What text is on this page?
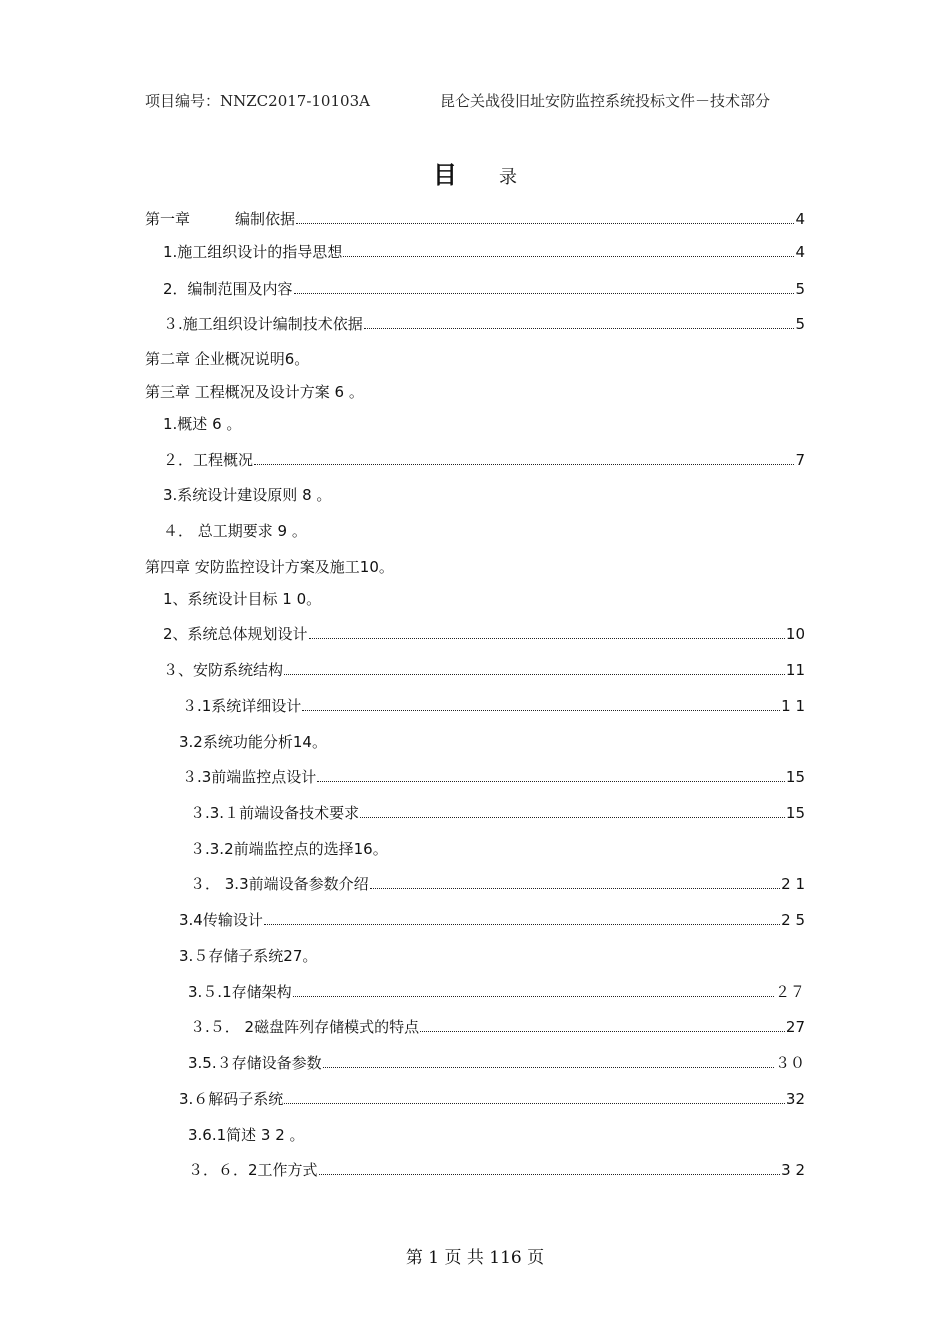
项目编号：NNZC2017-10103A	昆仑关战役旧址安防监控系统投标文件－技术部分
目 录
第一章　　　编制依据	4
1.施工组织设计的指导思想	4
2．编制范围及内容	5
３.施工组织设计编制技术依据	5
第二章 企业概况说明6。
第三章 工程概况及设计方案 6 。
1.概述 6 。
２．工程概况	7
3.系统设计建设原则 8 。
４． 总工期要求 9 。
第四章 安防监控设计方案及施工10。
1、系统设计目标 1 0。
2、系统总体规划设计	10
３、安防系统结构	11
３.1系统详细设计	1 1
3.2系统功能分析14。
３.3前端监控点设计	15
３.3.１前端设备技术要求	15
３.3.2前端监控点的选择16。
３． 3.3前端设备参数介绍	2 1
3.4传输设计	2 5
3.５存储子系统27。
3.５.1存储架构	２７
３.５． 2磁盘阵列存储模式的特点	27
3.5.３存储设备参数	３０
3.６解码子系统	32
3.6.1简述 3 2 。
３．６．2工作方式	3 2
第 1 页 共 116 页
